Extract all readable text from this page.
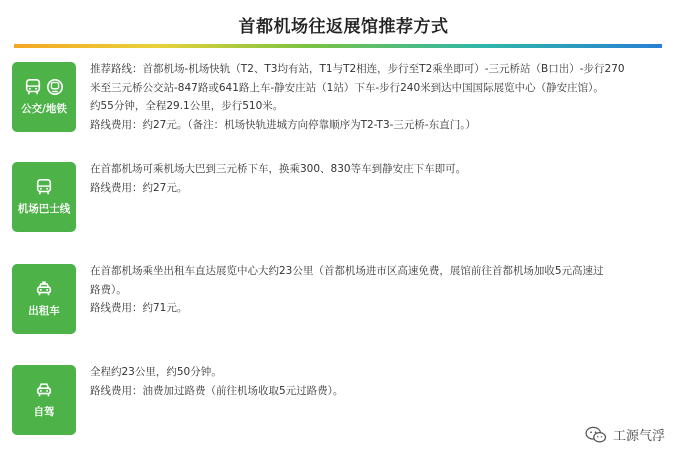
首都机场往返展馆推荐方式
公交/地铁

推荐路线：首都机场-机场快轨（T2、T3均有站，T1与T2相连，步行至T2乘坐即可）-三元桥站（B口出）-步行270

米至三元桥公交站-847路或641路上车-静安庄站（1站）下车-步行240米到达中国国际展览中心（静安庄馆）。

约55分钟，全程29.1公里，步行510米。

路线费用：约27元。（备注：机场快轨进城方向停靠顺序为T2-T3-三元桥-东直门。）

机场巴士线

在首都机场可乘机场大巴到三元桥下车，换乘300、830等车到静安庄下车即可。

路线费用：约27元。

出租车

在首都机场乘坐出租车直达展览中心大约23公里（首都机场进市区高速免费，展馆前往首都机场加收5元高速过

路费）。

路线费用：约71元。

自驾

全程约23公里，约50分钟。

路线费用：油费加过路费（前往机场收取5元过路费）。

工源气浮
